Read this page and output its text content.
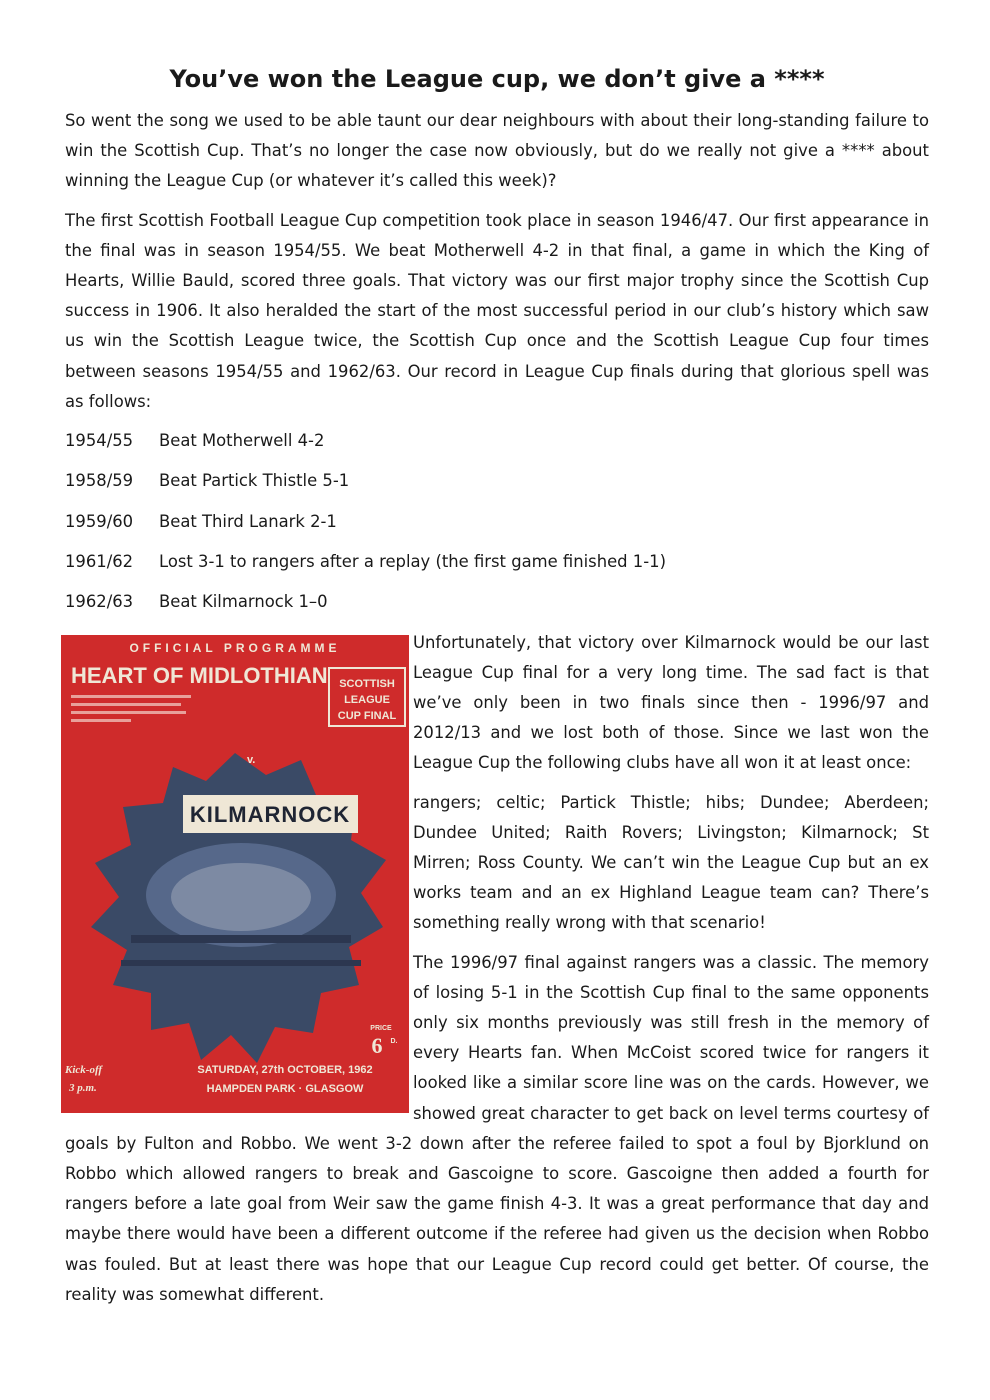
You’ve won the League cup, we don’t give a ****

So went the song we used to be able taunt our dear neighbours with about their long-standing failure to win the Scottish Cup. That’s no longer the case now obviously, but do we really not give a **** about winning the League Cup (or whatever it’s called this week)?

The first Scottish Football League Cup competition took place in season 1946/47. Our first appearance in the final was in season 1954/55. We beat Motherwell 4-2 in that final, a game in which the King of Hearts, Willie Bauld, scored three goals. That victory was our first major trophy since the Scottish Cup success in 1906. It also heralded the start of the most successful period in our club’s history which saw us win the Scottish League twice, the Scottish Cup once and the Scottish League Cup four times between seasons 1954/55 and 1962/63. Our record in League Cup finals during that glorious spell was as follows:

1954/55	Beat Motherwell 4-2
1958/59	Beat Partick Thistle 5-1
1959/60	Beat Third Lanark 2-1
1961/62	Lost 3-1 to rangers after a replay (the first game finished 1-1)
1962/63	Beat Kilmarnock 1–0
OFFICIAL PROGRAMME
HEART OF MIDLOTHIAN SCOTTISH
LEAGUE
CUP FINAL
v.
KILMARNOCK
PRICE
6 D.
Kick-off
3 p.m.
SATURDAY, 27th OCTOBER, 1962
HAMPDEN PARK · GLASGOW

Unfortunately, that victory over Kilmarnock would be our last League Cup final for a very long time. The sad fact is that we’ve only been in two finals since then - 1996/97 and 2012/13 and we lost both of those. Since we last won the League Cup the following clubs have all won it at least once:

rangers; celtic; Partick Thistle; hibs; Dundee; Aberdeen; Dundee United; Raith Rovers; Livingston; Kilmarnock; St Mirren; Ross County. We can’t win the League Cup but an ex works team and an ex Highland League team can? There’s something really wrong with that scenario!

The 1996/97 final against rangers was a classic. The memory of losing 5-1 in the Scottish Cup final to the same opponents only six months previously was still fresh in the memory of every Hearts fan. When McCoist scored twice for rangers it looked like a similar score line was on the cards. However, we showed great character to get back on level terms courtesy of goals by Fulton and Robbo. We went 3-2 down after the referee failed to spot a foul by Bjorklund on Robbo which allowed rangers to break and Gascoigne to score. Gascoigne then added a fourth for rangers before a late goal from Weir saw the game finish 4-3. It was a great performance that day and maybe there would have been a different outcome if the referee had given us the decision when Robbo was fouled. But at least there was hope that our League Cup record could get better. Of course, the reality was somewhat different.
